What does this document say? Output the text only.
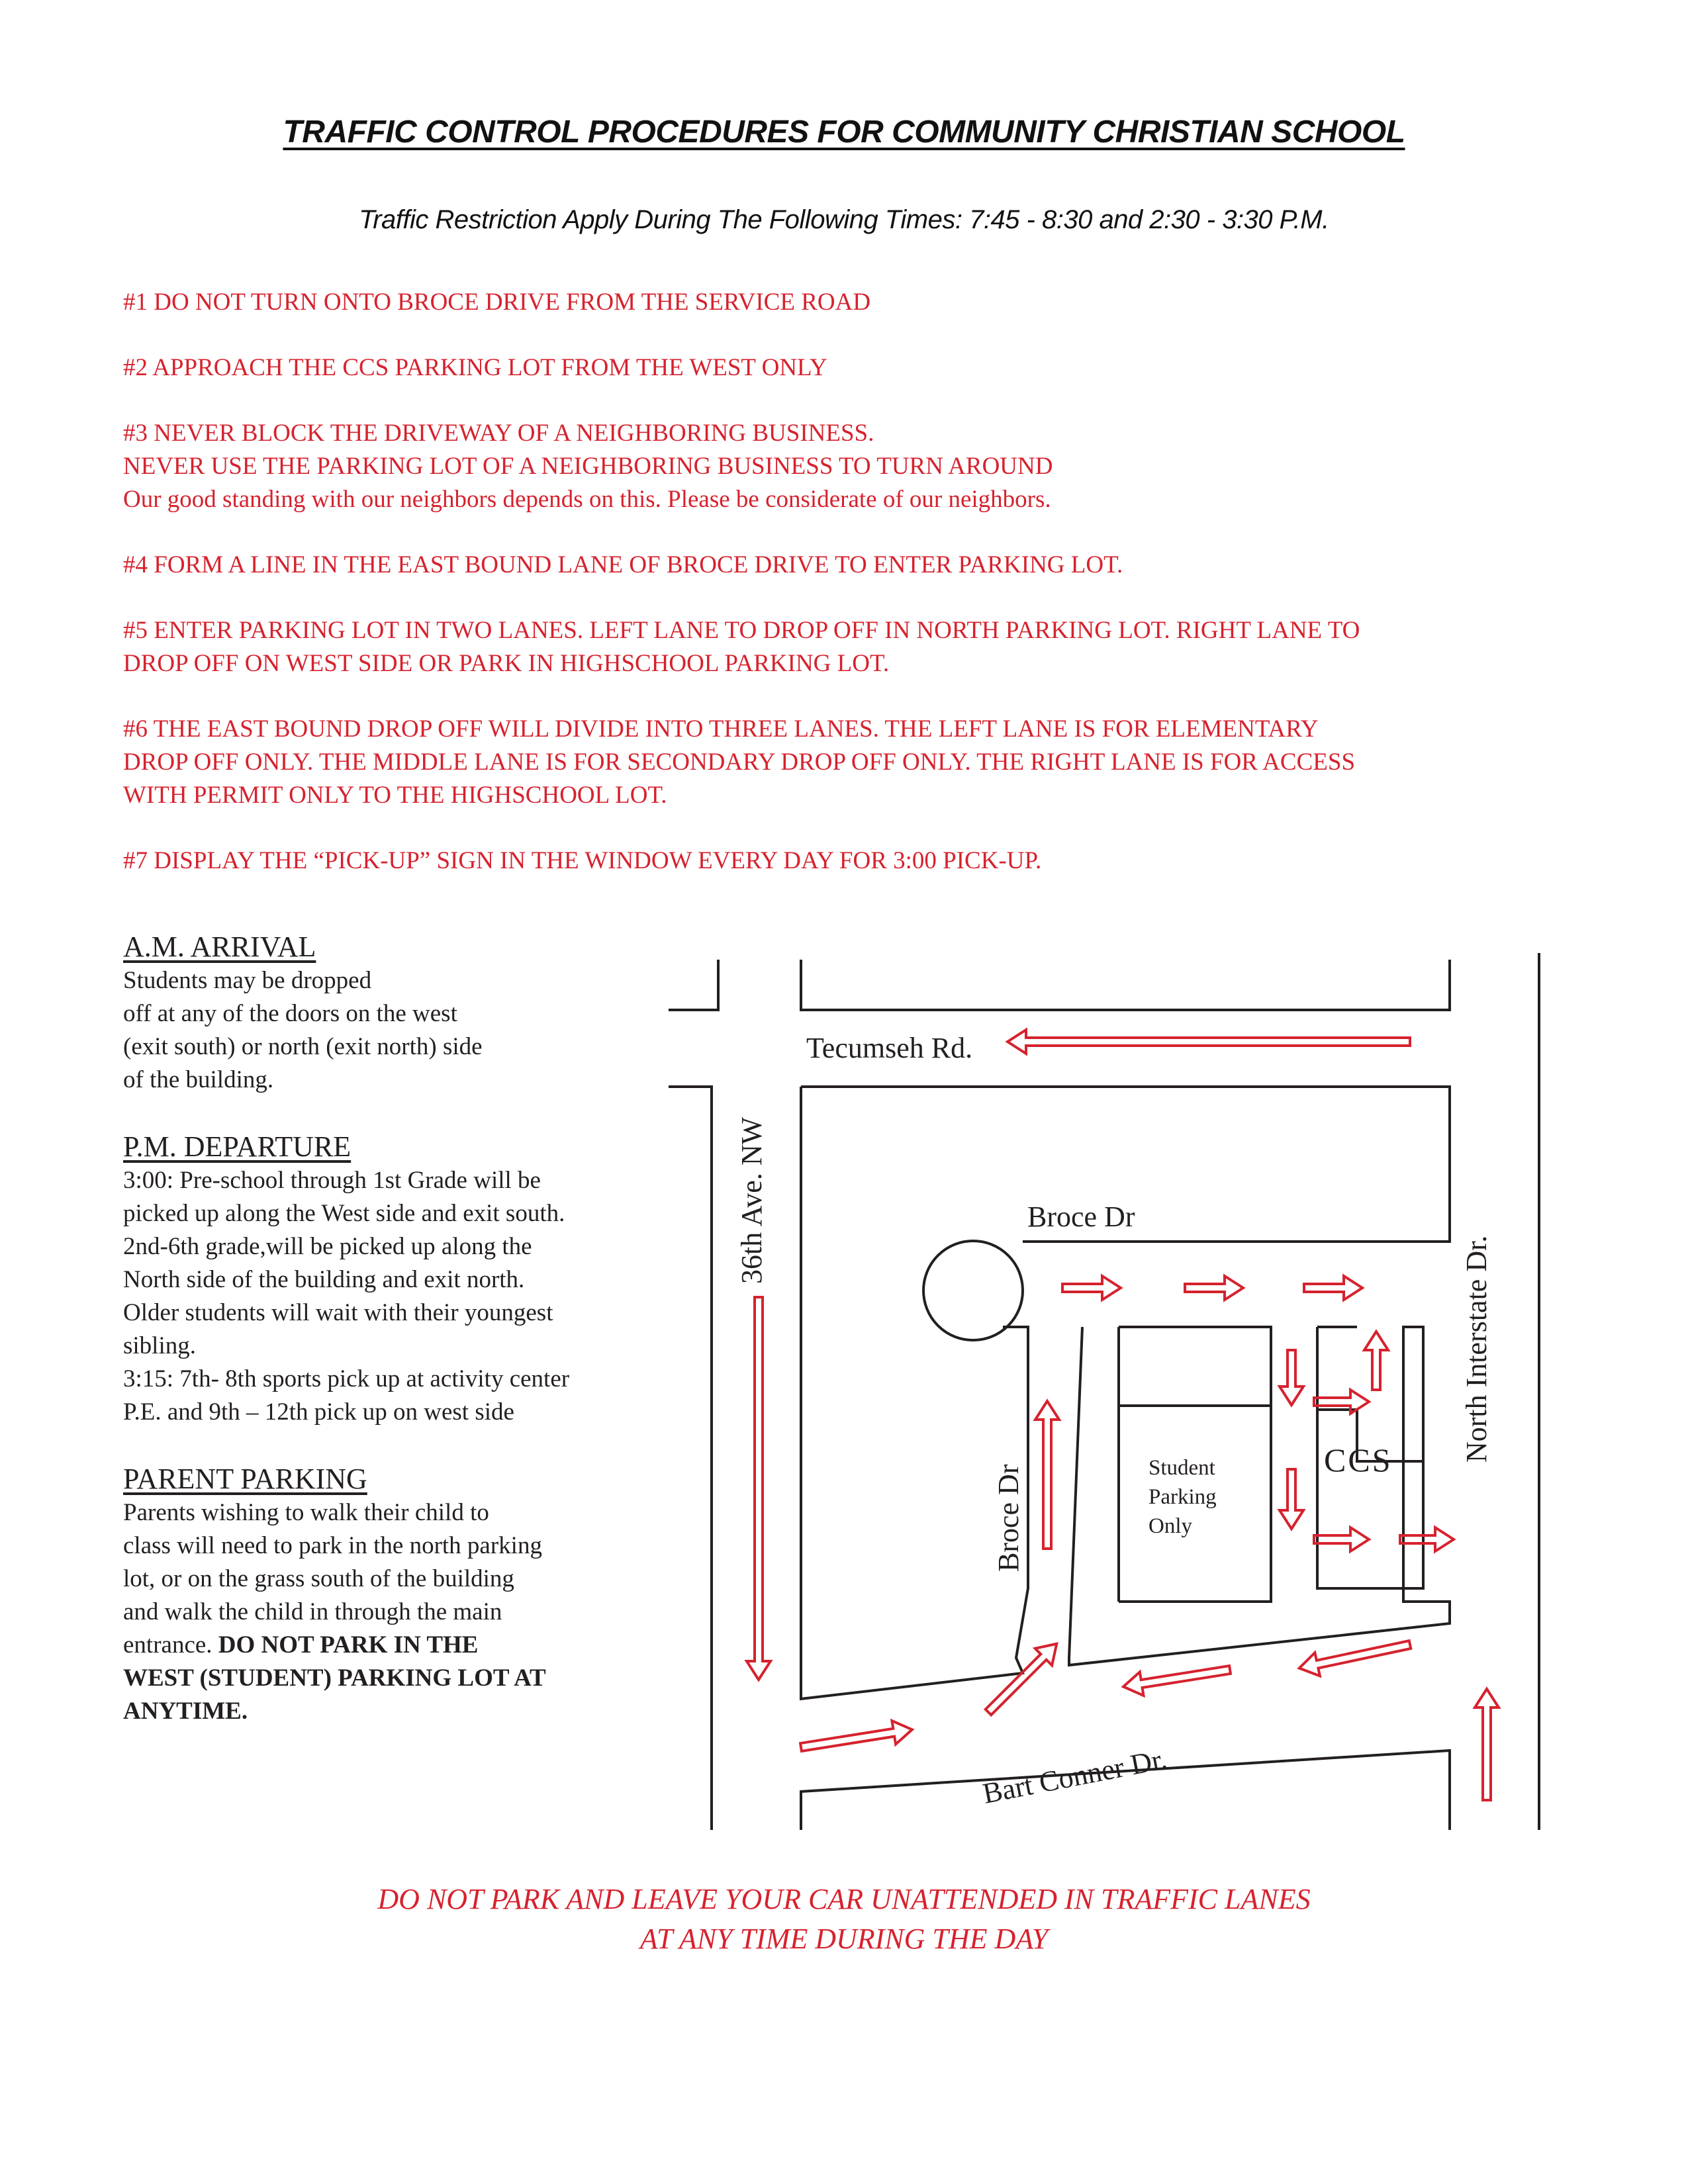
TRAFFIC CONTROL PROCEDURES FOR COMMUNITY CHRISTIAN SCHOOL
Traffic Restriction Apply During The Following Times: 7:45 - 8:30 and 2:30 - 3:30 P.M.
#1 DO NOT TURN ONTO BROCE DRIVE FROM THE SERVICE ROAD
#2 APPROACH THE CCS PARKING LOT FROM THE WEST ONLY
#3 NEVER BLOCK THE DRIVEWAY OF A NEIGHBORING BUSINESS.
NEVER USE THE PARKING LOT OF A NEIGHBORING BUSINESS TO TURN AROUND
Our good standing with our neighbors depends on this. Please be considerate of our neighbors.
#4 FORM A LINE IN THE EAST BOUND LANE OF BROCE DRIVE TO ENTER PARKING LOT.
#5 ENTER PARKING LOT IN TWO LANES. LEFT LANE TO DROP OFF IN NORTH PARKING LOT. RIGHT LANE TO
DROP OFF ON WEST SIDE OR PARK IN HIGHSCHOOL PARKING LOT.
#6 THE EAST BOUND DROP OFF WILL DIVIDE INTO THREE LANES. THE LEFT LANE IS FOR ELEMENTARY
DROP OFF ONLY. THE MIDDLE LANE IS FOR SECONDARY DROP OFF ONLY. THE RIGHT LANE IS FOR ACCESS
WITH PERMIT ONLY TO THE HIGHSCHOOL LOT.
#7 DISPLAY THE “PICK-UP” SIGN IN THE WINDOW EVERY DAY FOR 3:00 PICK-UP.
A.M. ARRIVAL
Students may be dropped
off at any of the doors on the west
(exit south) or north (exit north) side
of the building.
P.M. DEPARTURE
3:00: Pre-school through 1st Grade will be
picked up along the West side and exit south.
2nd-6th grade,will be picked up along the
North side of the building and exit north.
Older students will wait with their youngest
sibling.
3:15: 7th- 8th sports pick up at activity center
P.E. and 9th – 12th pick up on west side
PARENT PARKING
Parents wishing to walk their child to
class will need to park in the north parking
lot, or on the grass south of the building
and walk the child in through the main
entrance. DO NOT PARK IN THE
WEST (STUDENT) PARKING LOT AT
ANYTIME.
Tecumseh Rd.
36th Ave. NW	Broce Dr
Broce Dr
North Interstate Dr.
Bart Conner Dr.
CCS
Student
Parking
Only
DO NOT PARK AND LEAVE YOUR CAR UNATTENDED IN TRAFFIC LANES
AT ANY TIME DURING THE DAY
